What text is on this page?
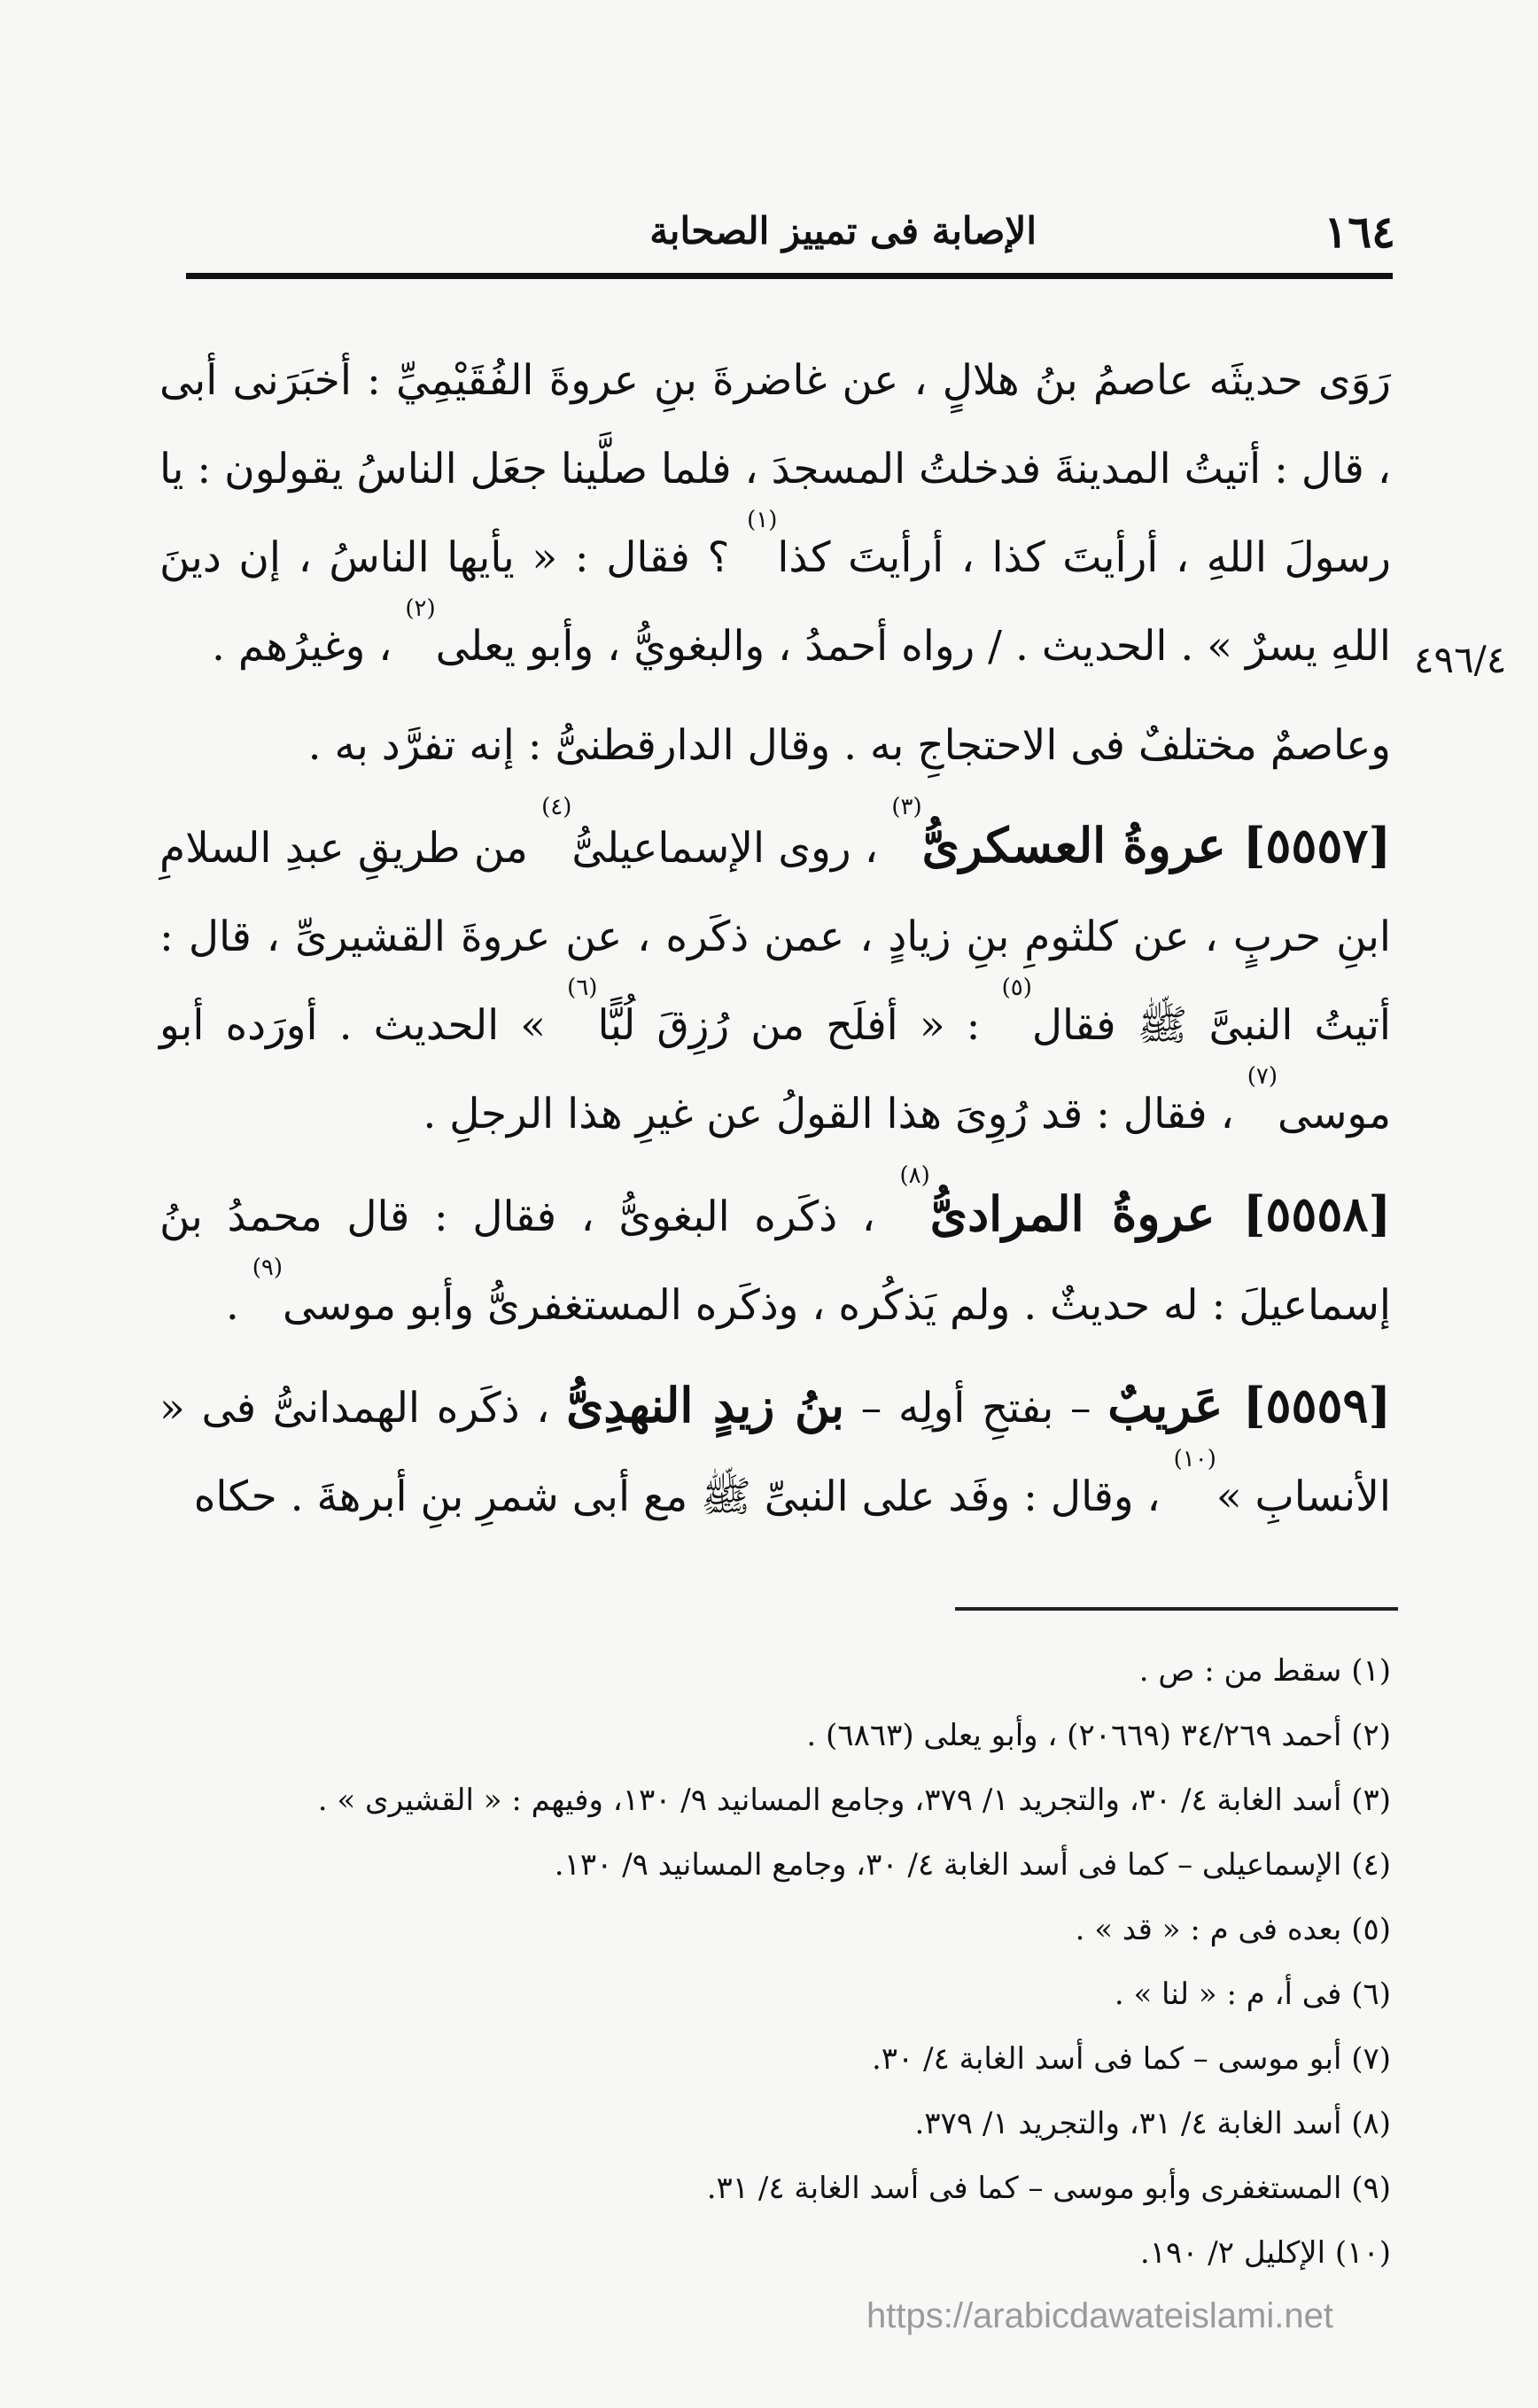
١٦٤
الإصابة فى تمييز الصحابة
٤٩٦/٤

رَوَى حديثَه عاصمُ بنُ هلالٍ ، عن غاضرةَ بنِ عروةَ الفُقَيْمِيِّ : أخبَرَنى أبى ، قال : أتيتُ المدينةَ فدخلتُ المسجدَ ، فلما صلَّينا جعَل الناسُ يقولون : يا رسولَ اللهِ ، أرأيتَ كذا ، أرأيتَ كذا$^{(١)}$ ؟ فقال : « يأيها الناسُ ، إن دينَ اللهِ يسرٌ » . الحديث . / رواه أحمدُ ، والبغويُّ ، وأبو يعلى$^{(٢)}$ ، وغيرُهم .

وعاصمٌ مختلفٌ فى الاحتجاجِ به . وقال الدارقطنىُّ : إنه تفرَّد به .

[٥٥٥٧] عروةُ العسكرىُّ$^{(٣)}$ ، روى الإسماعيلىُّ$^{(٤)}$ من طريقِ عبدِ السلامِ ابنِ حربٍ ، عن كلثومِ بنِ زيادٍ ، عمن ذكَره ، عن عروةَ القشيرىِّ ، قال : أتيتُ النبىَّ ﷺ فقال$^{(٥)}$ : « أفلَح من رُزِقَ لُبًّا$^{(٦)}$ » الحديث . أورَده أبو موسى$^{(٧)}$ ، فقال : قد رُوِىَ هذا القولُ عن غيرِ هذا الرجلِ .

[٥٥٥٨] عروةُ المرادىُّ$^{(٨)}$ ، ذكَره البغوىُّ ، فقال : قال محمدُ بنُ إسماعيلَ : له حديثٌ . ولم يَذكُره ، وذكَره المستغفرىُّ وأبو موسى$^{(٩)}$ .

[٥٥٥٩] عَريبٌ – بفتحِ أولِه – بنُ زيدٍ النهدِىُّ ، ذكَره الهمدانىُّ فى « الأنسابِ »$^{(١٠)}$ ، وقال : وفَد على النبىِّ ﷺ مع أبى شمرِ بنِ أبرهةَ . حكاه

(١) سقط من : ص .

(٢) أحمد ٣٤/٢٦٩ (٢٠٦٦٩) ، وأبو يعلى (٦٨٦٣) .

(٣) أسد الغابة ٤/ ٣٠، والتجريد ١/ ٣٧٩، وجامع المسانيد ٩/ ١٣٠، وفيهم : « القشيرى » .

(٤) الإسماعيلى – كما فى أسد الغابة ٤/ ٣٠، وجامع المسانيد ٩/ ١٣٠.

(٥) بعده فى م : « قد » .

(٦) فى أ، م : « لنا » .

(٧) أبو موسى – كما فى أسد الغابة ٤/ ٣٠.

(٨) أسد الغابة ٤/ ٣١، والتجريد ١/ ٣٧٩.

(٩) المستغفرى وأبو موسى – كما فى أسد الغابة ٤/ ٣١.

(١٠) الإكليل ٢/ ١٩٠.

https://arabicdawateislami.net
